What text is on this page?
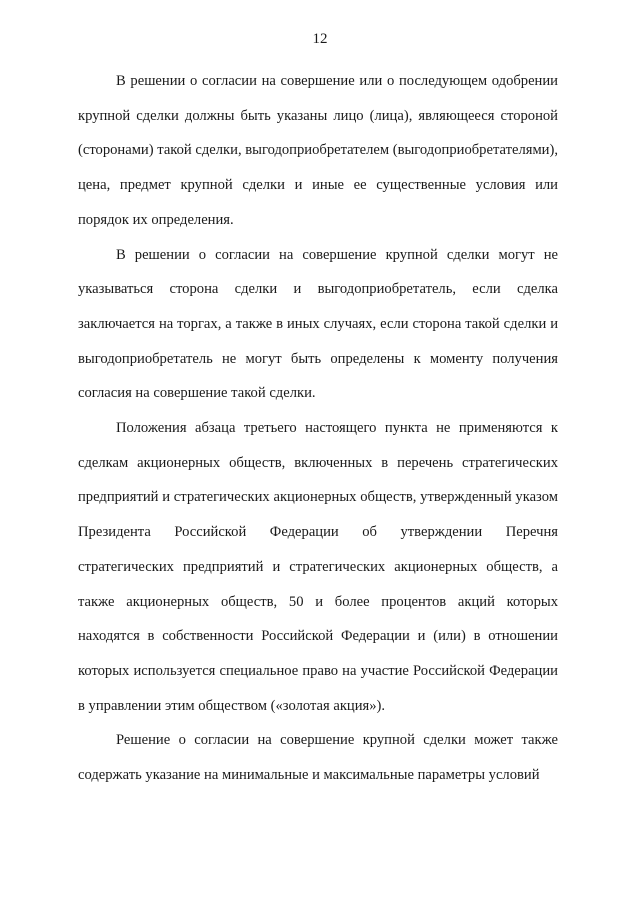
12

В решении о согласии на совершение или о последующем одобрении крупной сделки должны быть указаны лицо (лица), являющееся стороной (сторонами) такой сделки, выгодоприобретателем (выгодоприобретателями), цена, предмет крупной сделки и иные ее существенные условия или порядок их определения.

В решении о согласии на совершение крупной сделки могут не указываться сторона сделки и выгодоприобретатель, если сделка заключается на торгах, а также в иных случаях, если сторона такой сделки и выгодоприобретатель не могут быть определены к моменту получения согласия на совершение такой сделки.

Положения абзаца третьего настоящего пункта не применяются к сделкам акционерных обществ, включенных в перечень стратегических предприятий и стратегических акционерных обществ, утвержденный указом Президента Российской Федерации об утверждении Перечня стратегических предприятий и стратегических акционерных обществ, а также акционерных обществ, 50 и более процентов акций которых находятся в собственности Российской Федерации и (или) в отношении которых используется специальное право на участие Российской Федерации в управлении этим обществом («золотая акция»).

Решение о согласии на совершение крупной сделки может также содержать указание на минимальные и максимальные параметры условий
